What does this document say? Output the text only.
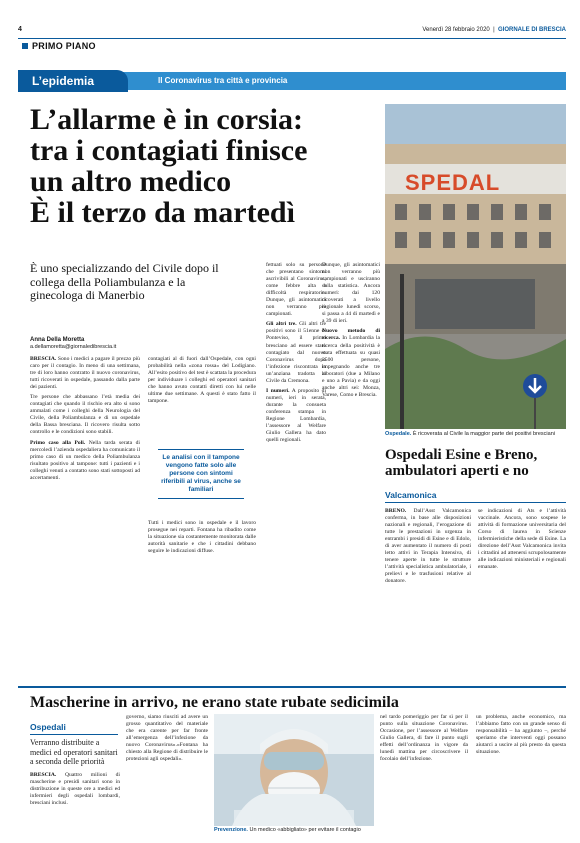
4	Venerdì 28 febbraio 2020  |  GIORNALE DI BRESCIA
PRIMO PIANO
L’epidemia	Il Coronavirus tra città e provincia
L’allarme è in corsia:
tra i contagiati finisce
un altro medico
È il terzo da martedì
SPEDAL
Ospedale. È ricoverata al Civile la maggior parte dei positivi bresciani
È uno specializzando del Civile dopo il collega della Poliambulanza e la ginecologa di Manerbio
Anna Della Moretta
a.dellamoretta@giornaledibrescia.it

BRESCIA. Sono i medici a pagare il prezzo più caro per il contagio. In meno di una settimana, tre di loro hanno contratto il nuovo coronavirus, tutti ricoverati in ospedale, passando dalla parte dei pazienti.

Tre persone che abbassano l’età media dei contagiati che quando il rischio era alto si sono ammalati come i colleghi della Neurologia del Civile, della Poliambulanza e di un ospedale della Bassa bresciana. Il ricovero risulta sotto controllo e le condizioni sono stabili.

Primo caso alla Poli. Nella tarda serata di mercoledì l’azienda ospedaliera ha comunicato il primo caso di un medico della Poliambulanza risultato positivo al tampone: tutti i pazienti e i colleghi venuti a contatto sono stati sottoposti ad accertamenti.

contagiati al di fuori dall’Ospedale, con ogni probabilità nella «zona rossa» del Lodigiano. All’esito positivo del test è scattata la procedura per individuare i colleghi ed operatori sanitari che hanno avuto contatti diretti con lui nelle ultime due settimane. A questi è stato fatto il tampone.

Le analisi con il tampone vengono fatte solo alle persone con sintomi riferibili al virus, anche se familiari

Tutti i medici sono in ospedale e il lavoro prosegue nei reparti. Fontana ha ribadito come la situazione sia costantemente monitorata dalle autorità sanitarie e che i cittadini debbano seguire le indicazioni diffuse.

fettuati solo su persone che presentano sintomi ascrivibili al Coronavirus, come febbre alta e difficoltà respiratorie. Dunque, gli asintomatici non verranno più campionati.

Gli altri tre. Gli altri tre positivi sono il 51enne di Ponteviso, il primo bresciano ad essere stato contagiato dal nuovo Coronavirus dopo l’infezione riscontrata in un’anziana tradotta al Civile da Cremona.

I numeri. A proposito di numeri, ieri in serata, durante la consueta conferenza stampa in Regione Lombardia, l’assessore al Welfare Giulio Gallera ha dato quelli regionali.

Dunque, gli asintomatici non verranno più campionati e usciranno dalla statistica. Ancora numeri: dai 120 ricoverati a livello regionale lunedì scorso, si passa a 44 di martedì e a 39 di ieri.

Nuovo metodo di ricerca. In Lombardia la ricerca della positività è stata effettuata su quasi 3500 persone, impegnando anche tre laboratori (due a Milano e uno a Pavia) e da oggi anche altri sei: Monza, Varese, Como e Brescia.

Ospedali Esine e Breno, ambulatori aperti e no
Valcamonica

BRENO. Dall’Asst Valcamonica conferma, in base alle disposizioni nazionali e regionali, l’erogazione di tutte le prestazioni in urgenza in entrambi i presidi di Esine e di Edolo, di aver aumentato il numero di posti letto attivi in Terapia Intensiva, di tenere aperte in tutte le strutture l’attività specialistica ambulatoriale, i prelievi e le trasfusioni relative al donatore.

se indicazioni di Ats e l’attività vaccinale. Ancora, sono sospese le attività di formazione universitaria del Corso di laurea in Scienze infermieristiche della sede di Esine. La direzione dell’Asst Valcamonica invita i cittadini ad attenersi scrupolosamente alle indicazioni ministeriali e regionali emanate.

Mascherine in arrivo, ne erano state rubate sedicimila
Ospedali
Verranno distribuite a medici ed operatori sanitari a seconda delle priorità

BRESCIA. Quattro milioni di mascherine e presidi sanitari sono in distribuzione in queste ore a medici ed infermieri degli ospedali lombardi, bresciani inclusi.

governo, siamo riusciti ad avere un grosso quantitativo del materiale che era carente per far fronte all’emergenza dell’infezione da nuovo Coronavirus».«Fontana ha chiesto alla Regione di distribuire le protezioni agli ospedali».

Prevenzione. Un medico «abbigliato» per evitare il contagio

nel tardo pomeriggio per far sì per il punto sulla situazione Coronavirus. Occasione, per l’assessore al Welfare Giulio Gallera, di fare il punto sugli effetti dell’ordinanza in vigore da lunedì mattina per circoscrivere il focolaio dell’infezione.

un problema, anche economico, ma l’abbiamo fatto con un grande senso di responsabilità – ha aggiunto –, perché speriamo che interventi oggi possano aiutarci a uscire al più presto da questa situazione.
